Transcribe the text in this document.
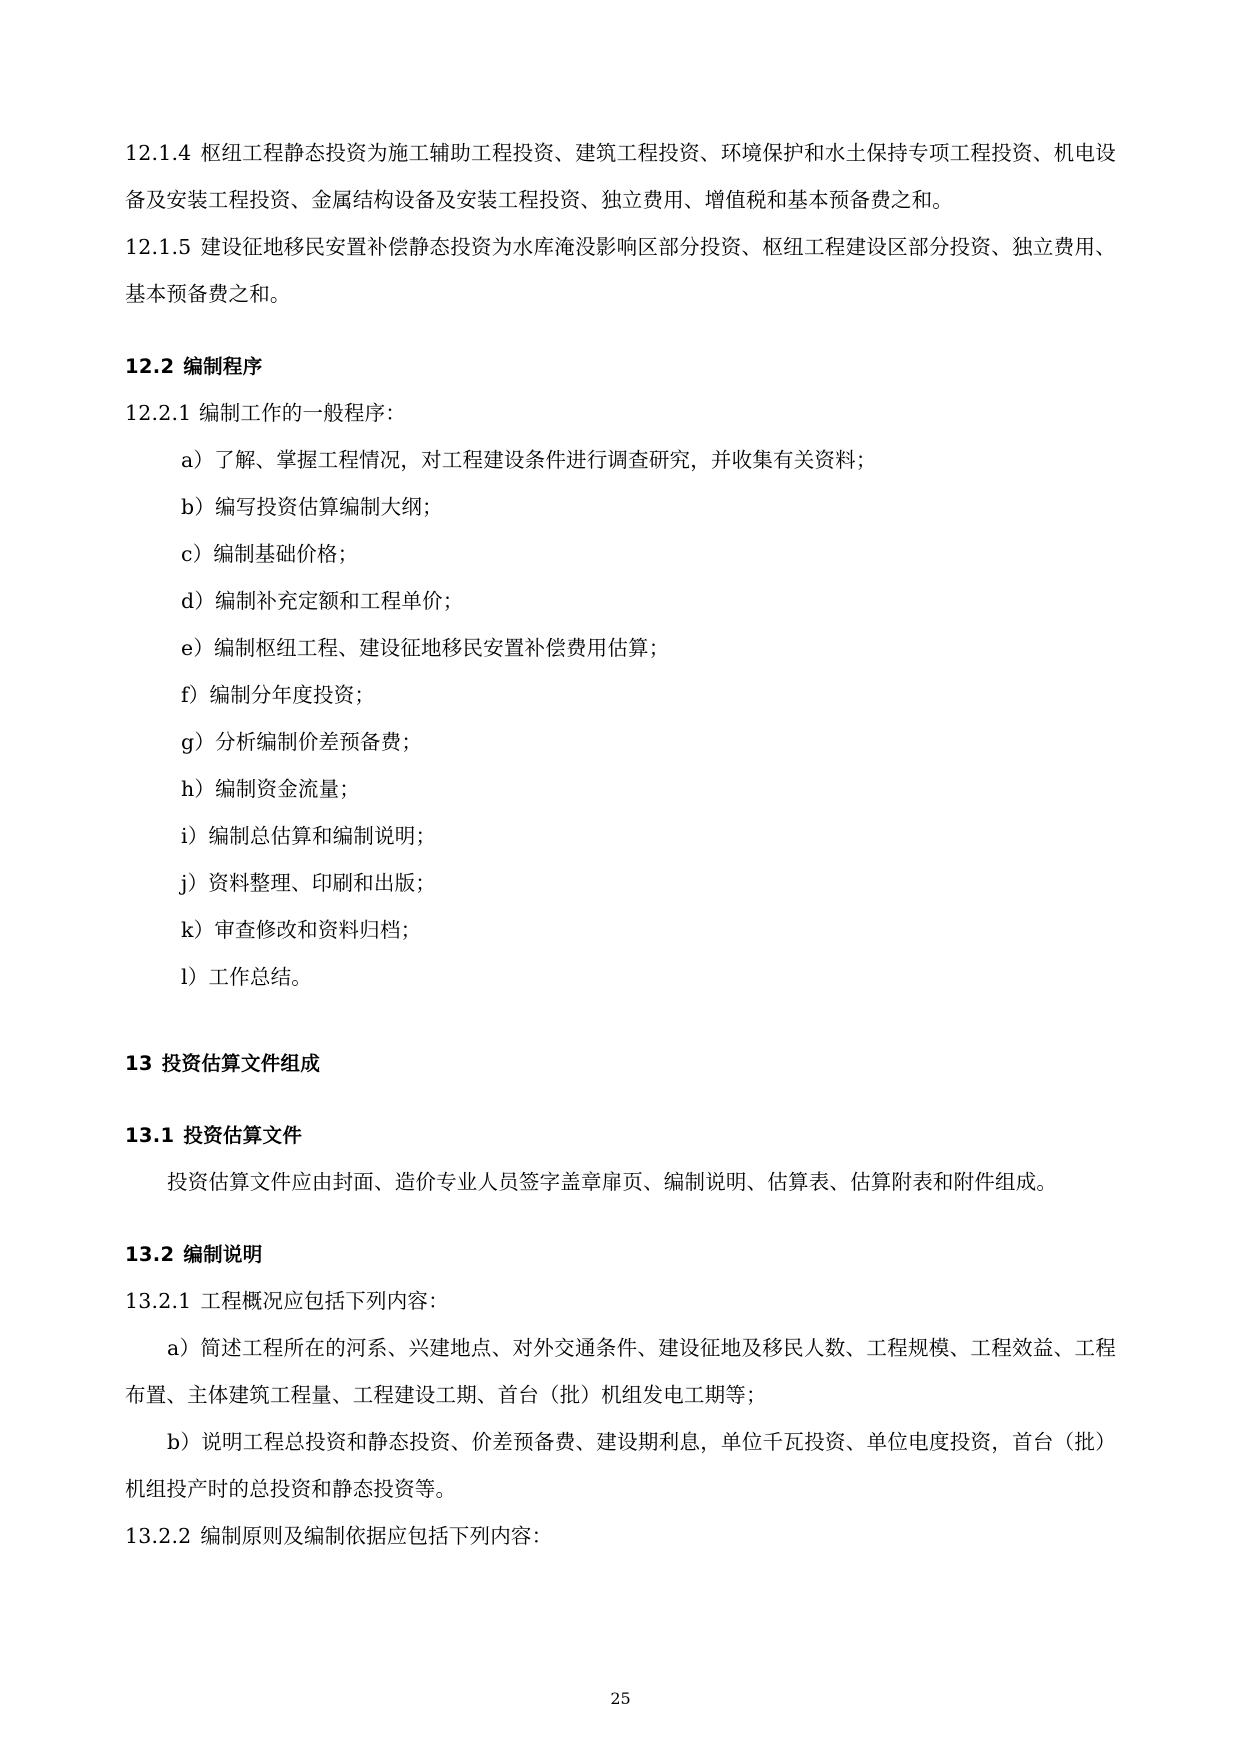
12.1.4 枢纽工程静态投资为施工辅助工程投资、建筑工程投资、环境保护和水土保持专项工程投资、机电设备及安装工程投资、金属结构设备及安装工程投资、独立费用、增值税和基本预备费之和。

12.1.5 建设征地移民安置补偿静态投资为水库淹没影响区部分投资、枢纽工程建设区部分投资、独立费用、基本预备费之和。

12.2 编制程序

12.2.1 编制工作的一般程序：

a）了解、掌握工程情况，对工程建设条件进行调查研究，并收集有关资料；

b）编写投资估算编制大纲；

c）编制基础价格；

d）编制补充定额和工程单价；

e）编制枢纽工程、建设征地移民安置补偿费用估算；

f）编制分年度投资；

g）分析编制价差预备费；

h）编制资金流量；

i）编制总估算和编制说明；

j）资料整理、印刷和出版；

k）审查修改和资料归档；

l）工作总结。

13 投资估算文件组成
13.1 投资估算文件

投资估算文件应由封面、造价专业人员签字盖章扉页、编制说明、估算表、估算附表和附件组成。

13.2 编制说明

13.2.1 工程概况应包括下列内容：

a）简述工程所在的河系、兴建地点、对外交通条件、建设征地及移民人数、工程规模、工程效益、工程布置、主体建筑工程量、工程建设工期、首台（批）机组发电工期等；

b）说明工程总投资和静态投资、价差预备费、建设期利息，单位千瓦投资、单位电度投资，首台（批）机组投产时的总投资和静态投资等。

13.2.2 编制原则及编制依据应包括下列内容：

25
